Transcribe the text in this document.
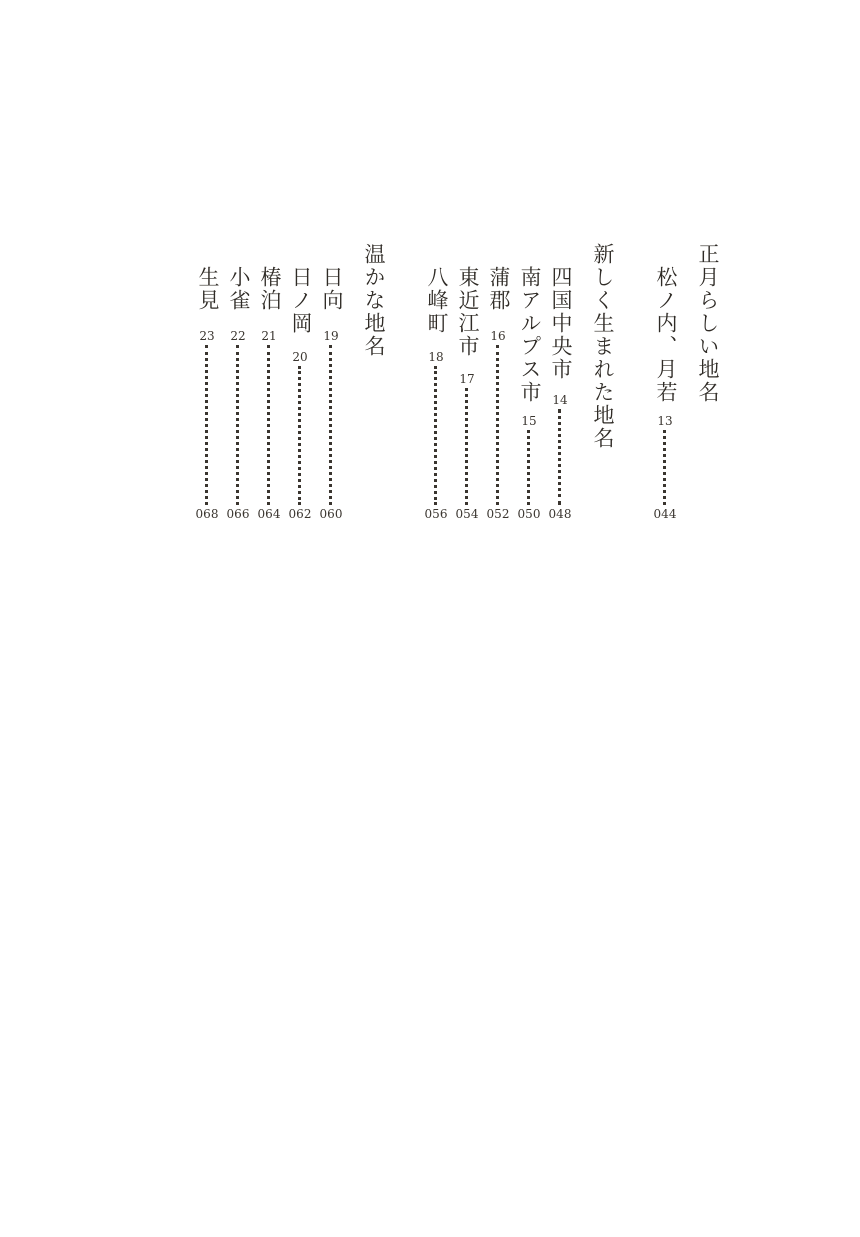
正月らしい地名
松ノ内、月若
13
044
新しく生まれた地名
四国中央市
14
048
南アルプス市
15
050
蒲郡
16
052
東近江市
17
054
八峰町
18
056
温かな地名
日向
19
060
日ノ岡
20
062
椿泊
21
064
小雀
22
066
生見
23
068
